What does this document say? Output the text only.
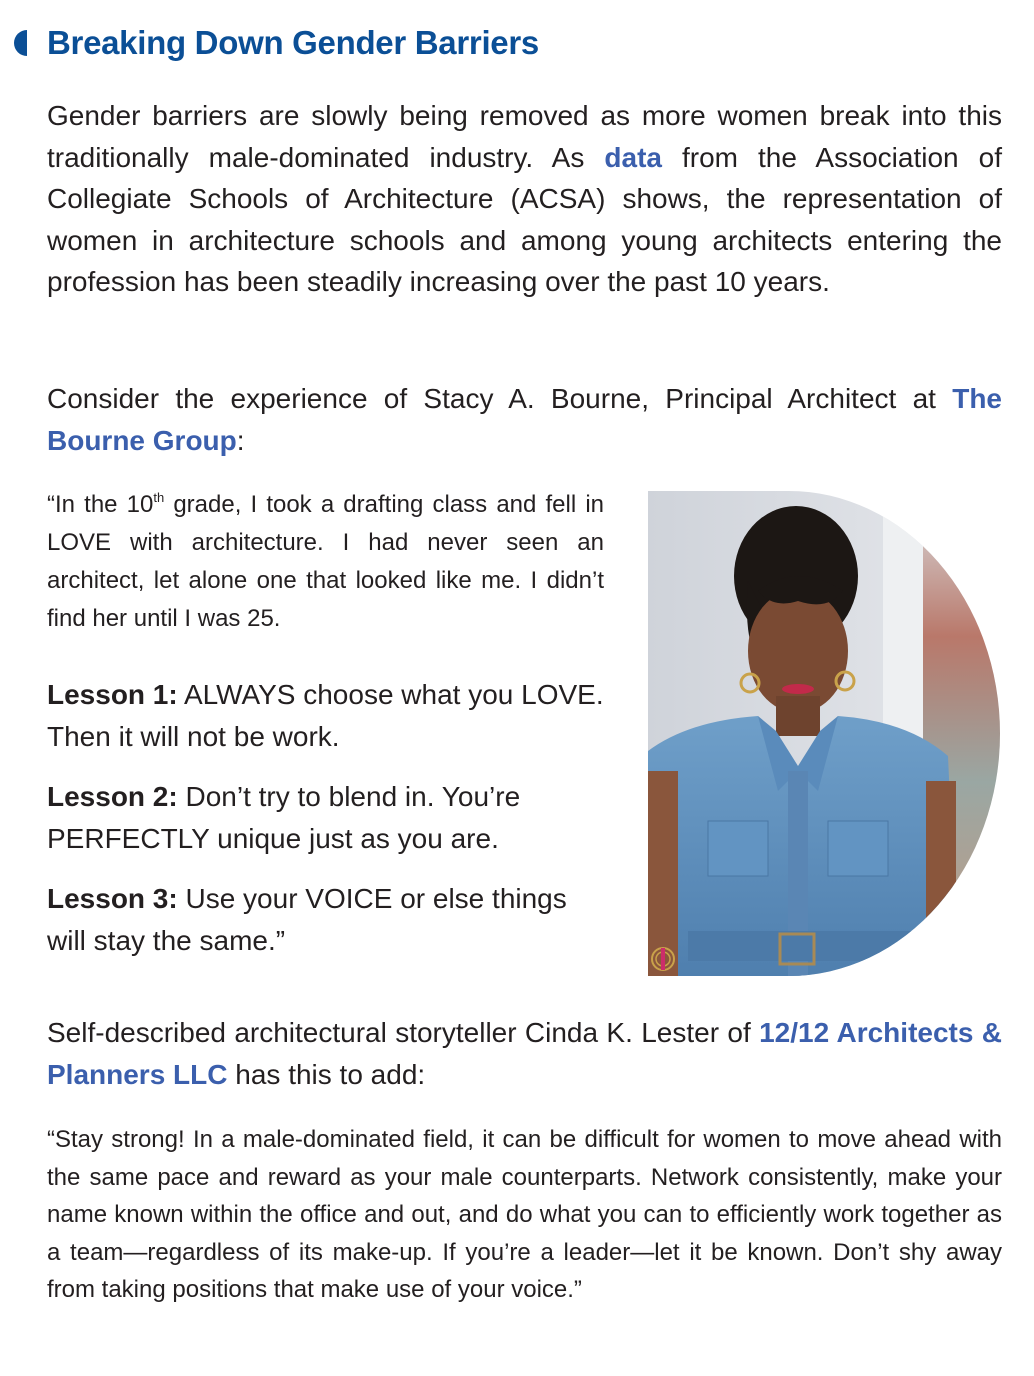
Breaking Down Gender Barriers

Gender barriers are slowly being removed as more women break into this traditionally male-dominated industry. As data from the Association of Collegiate Schools of Architecture (ACSA) shows, the representation of women in architecture schools and among young architects entering the profession has been steadily increasing over the past 10 years.

Consider the experience of Stacy A. Bourne, Principal Architect at The Bourne Group:

“In the 10th grade, I took a drafting class and fell in LOVE with architecture. I had never seen an architect, let alone one that looked like me. I didn’t find her until I was 25.

Lesson 1: ALWAYS choose what you LOVE. Then it will not be work.

Lesson 2: Don’t try to blend in. You’re PERFECTLY unique just as you are.

Lesson 3: Use your VOICE or else things will stay the same.”

Self-described architectural storyteller Cinda K. Lester of 12/12 Architects & Planners LLC has this to add:

“Stay strong! In a male-dominated field, it can be difficult for women to move ahead with the same pace and reward as your male counterparts. Network consistently, make your name known within the office and out, and do what you can to efficiently work together as a team—regardless of its make-up. If you’re a leader—let it be known. Don’t shy away from taking positions that make use of your voice.”
